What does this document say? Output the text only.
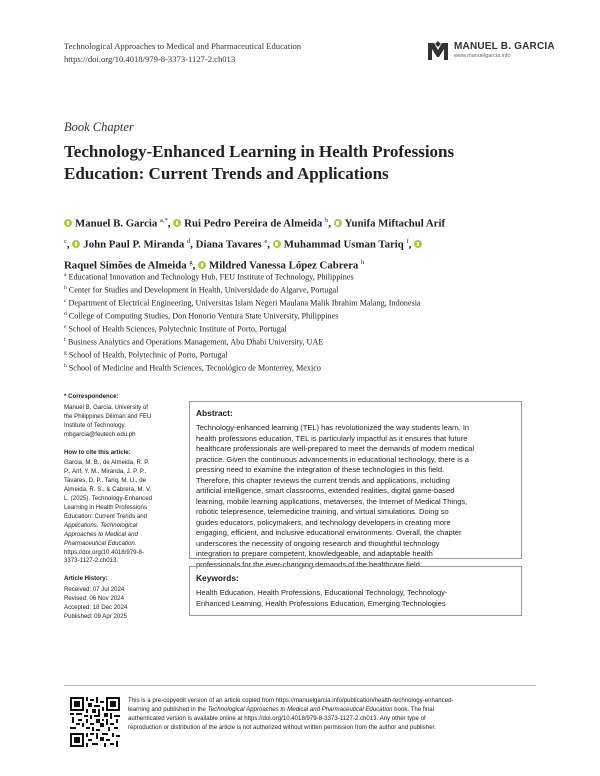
Technological Approaches to Medical and Pharmaceutical Education
https://doi.org/10.4018/979-8-3373-1127-2.ch013
MANUEL B. GARCIA
www.manuelgarcia.info
Book Chapter
Technology-Enhanced Learning in Health Professions
Education: Current Trends and Applications
Manuel B. Garcia $^{a,*}$, Rui Pedro Pereira de Almeida $^b$, Yunifa Miftachul Arif
$^c$, John Paul P. Miranda $^d$, Diana Tavares $^e$, Muhammad Usman Tariq $^f$,
Raquel Simões de Almeida $^g$, Mildred Vanessa López Cabrera $^h$
$^a$ Educational Innovation and Technology Hub, FEU Institute of Technology, Philippines
$^b$ Center for Studies and Development in Health, Universidade do Algarve, Portugal
$^c$ Department of Electrical Engineering, Universitas Islam Negeri Maulana Malik Ibrahim Malang, Indonesia
$^d$ College of Computing Studies, Don Honorio Ventura State University, Philippines
$^e$ School of Health Sciences, Polytechnic Institute of Porto, Portugal
$^f$ Business Analytics and Operations Management, Abu Dhabi University, UAE
$^g$ School of Health, Polytechnic of Porto, Portugal
$^h$ School of Medicine and Health Sciences, Tecnológico de Monterrey, Mexico
* Correspondence:
Manuel B. Garcia, University of
the Philippines Diliman and FEU
Institute of Technology.
mbgarcia@feutech.edu.ph
How to cite this article:
Garcia, M. B., de Almeida, R. P.
P., Arif, Y. M., Miranda, J. P. P.,
Tavares, D. P., Tariq, M. U., de
Almeida, R. S., & Cabrera, M. V.
L. (2025). Technology-Enhanced
Learning in Health Professions
Education: Current Trends and
Applications. Technological
Approaches to Medical and
Pharmaceutical Education.
https://doi.org/10.4018/979-8-
3373-1127-2.ch013.
Article History:
Received: 07 Jul 2024
Revised: 06 Nov 2024
Accepted: 18 Dec 2024
Published: 09 Apr 2025
Abstract:
Technology-enhanced learning (TEL) has revolutionized the way students learn. In
health professions education, TEL is particularly impactful as it ensures that future
healthcare professionals are well-prepared to meet the demands of modern medical
practice. Given the continuous advancements in educational technology, there is a
pressing need to examine the integration of these technologies in this field.
Therefore, this chapter reviews the current trends and applications, including
artificial intelligence, smart classrooms, extended realities, digital game-based
learning, mobile learning applications, metaverses, the Internet of Medical Things,
robotic telepresence, telemedicine training, and virtual simulations. Doing so
guides educators, policymakers, and technology developers in creating more
engaging, efficient, and inclusive educational environments. Overall, the chapter
underscores the necessity of ongoing research and thoughtful technology
integration to prepare competent, knowledgeable, and adaptable health
professionals for the ever-changing demands of the healthcare field.
Keywords:
Health Education, Health Professions, Educational Technology, Technology-
Enhanced Learning, Health Professions Education, Emerging Technologies
This is a pre-copyedit version of an article copied from https://manuelgarcia.info/publication/health-technology-enhanced-
learning and published in the Technological Approaches to Medical and Pharmaceutical Education book. The final
authenticated version is available online at https://doi.org/10.4018/979-8-3373-1127-2.ch013. Any other type of
reproduction or distribution of the article is not authorized without written permission from the author and publisher.
